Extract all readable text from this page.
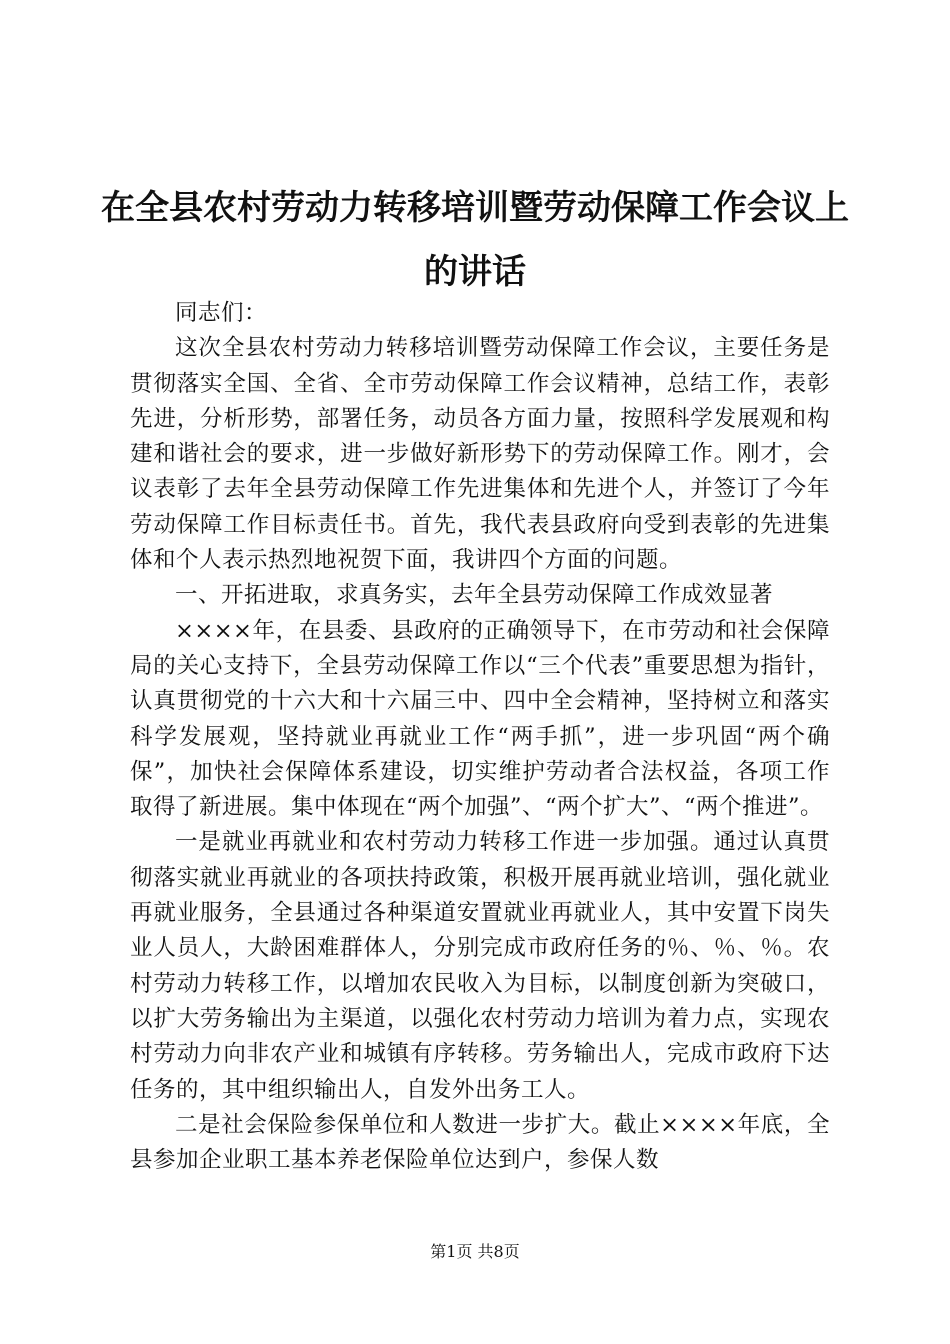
在全县农村劳动力转移培训暨劳动保障工作会议上的讲话

同志们：

这次全县农村劳动力转移培训暨劳动保障工作会议，主要任务是贯彻落实全国、全省、全市劳动保障工作会议精神，总结工作，表彰先进，分析形势，部署任务，动员各方面力量，按照科学发展观和构建和谐社会的要求，进一步做好新形势下的劳动保障工作。刚才，会议表彰了去年全县劳动保障工作先进集体和先进个人，并签订了今年劳动保障工作目标责任书。首先，我代表县政府向受到表彰的先进集体和个人表示热烈地祝贺下面，我讲四个方面的问题。

一、开拓进取，求真务实，去年全县劳动保障工作成效显著

××××年，在县委、县政府的正确领导下，在市劳动和社会保障局的关心支持下，全县劳动保障工作以“三个代表”重要思想为指针，认真贯彻党的十六大和十六届三中、四中全会精神，坚持树立和落实科学发展观，坚持就业再就业工作“两手抓”，进一步巩固“两个确保”，加快社会保障体系建设，切实维护劳动者合法权益，各项工作取得了新进展。集中体现在“两个加强”、“两个扩大”、“两个推进”。

一是就业再就业和农村劳动力转移工作进一步加强。通过认真贯彻落实就业再就业的各项扶持政策，积极开展再就业培训，强化就业再就业服务，全县通过各种渠道安置就业再就业人，其中安置下岗失业人员人，大龄困难群体人，分别完成市政府任务的％、％、％。农村劳动力转移工作，以增加农民收入为目标，以制度创新为突破口，以扩大劳务输出为主渠道，以强化农村劳动力培训为着力点，实现农村劳动力向非农产业和城镇有序转移。劳务输出人，完成市政府下达任务的，其中组织输出人，自发外出务工人。

二是社会保险参保单位和人数进一步扩大。截止××××年底，全县参加企业职工基本养老保险单位达到户，参保人数

第1页 共8页
